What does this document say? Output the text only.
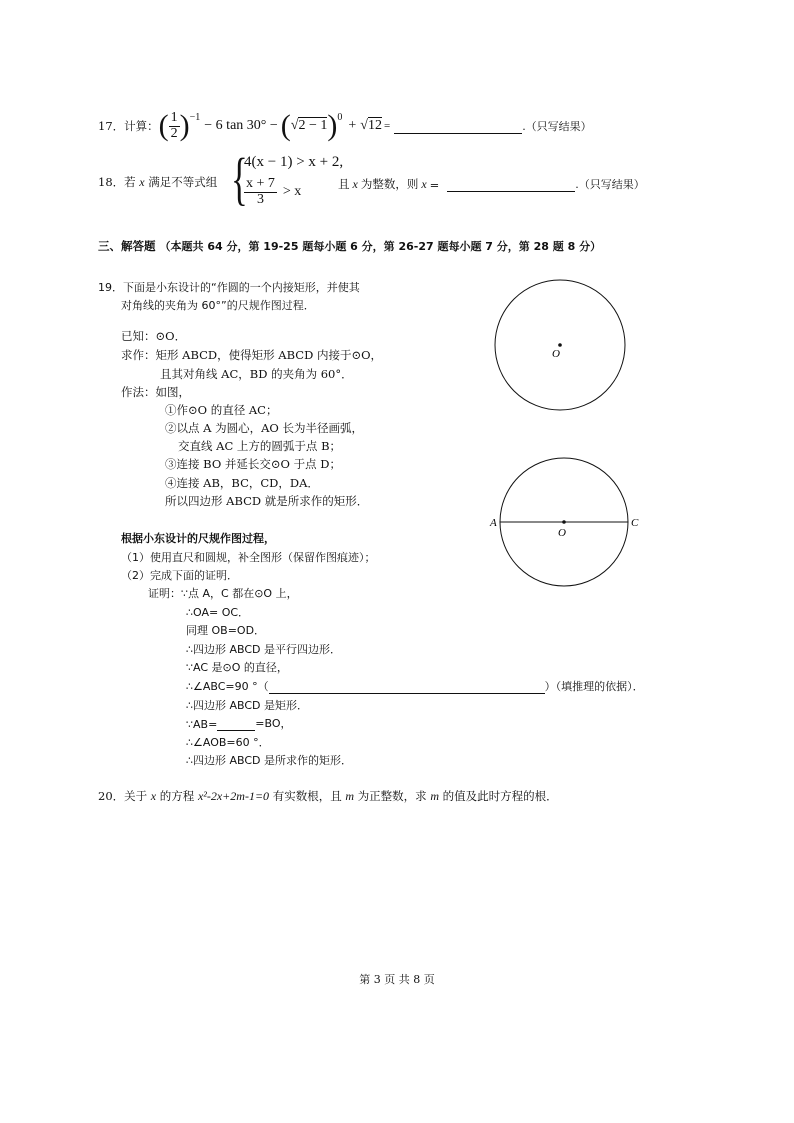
17． 计算： ( $\frac{1}{2} )^{-1}$
− 6 tan 30° − ( √2 − 1 )$^0$
+ √12 =	.（只写结果）
18．若 x 满足不等式组 {
4(x − 1) > x + 2,
$\frac{x + 7}{3} > x$
且 x 为整数，则 x =	.（只写结果）
三、解答题 （本题共 64 分，第 19-25 题每小题 6 分，第 26-27 题每小题 7 分，第 28 题 8 分）
19．下面是小东设计的“作圆的一个内接矩形，并使其
对角线的夹角为 60°”的尺规作图过程．
已知：⊙O．
求作：矩形 ABCD，使得矩形 ABCD 内接于⊙O，
且其对角线 AC，BD 的夹角为 60°．
作法：如图，
①作⊙O 的直径 AC；
②以点 A 为圆心，AO 长为半径画弧，
交直线 AC 上方的圆弧于点 B；
③连接 BO 并延长交⊙O 于点 D；
④连接 AB，BC，CD，DA．
所以四边形 ABCD 就是所求作的矩形．
根据小东设计的尺规作图过程，
（1）使用直尺和圆规，补全图形（保留作图痕迹）；
（2）完成下面的证明．
证明：∵点 A，C 都在⊙O 上，
∴OA= OC．
同理 OB=OD．
∴四边形 ABCD 是平行四边形．
∵AC 是⊙O 的直径，
∴∠ABC=90 °（	）（填推理的依据）．
∴四边形 ABCD 是矩形．
∵AB=	=BO，
∴∠AOB=60 °．
∴四边形 ABCD 是所求作的矩形．
O
A	C
O
20．关于 x 的方程 x²-2x+2m-1=0 有实数根，且 m 为正整数，求 m 的值及此时方程的根．
第 3 页 共 8 页
